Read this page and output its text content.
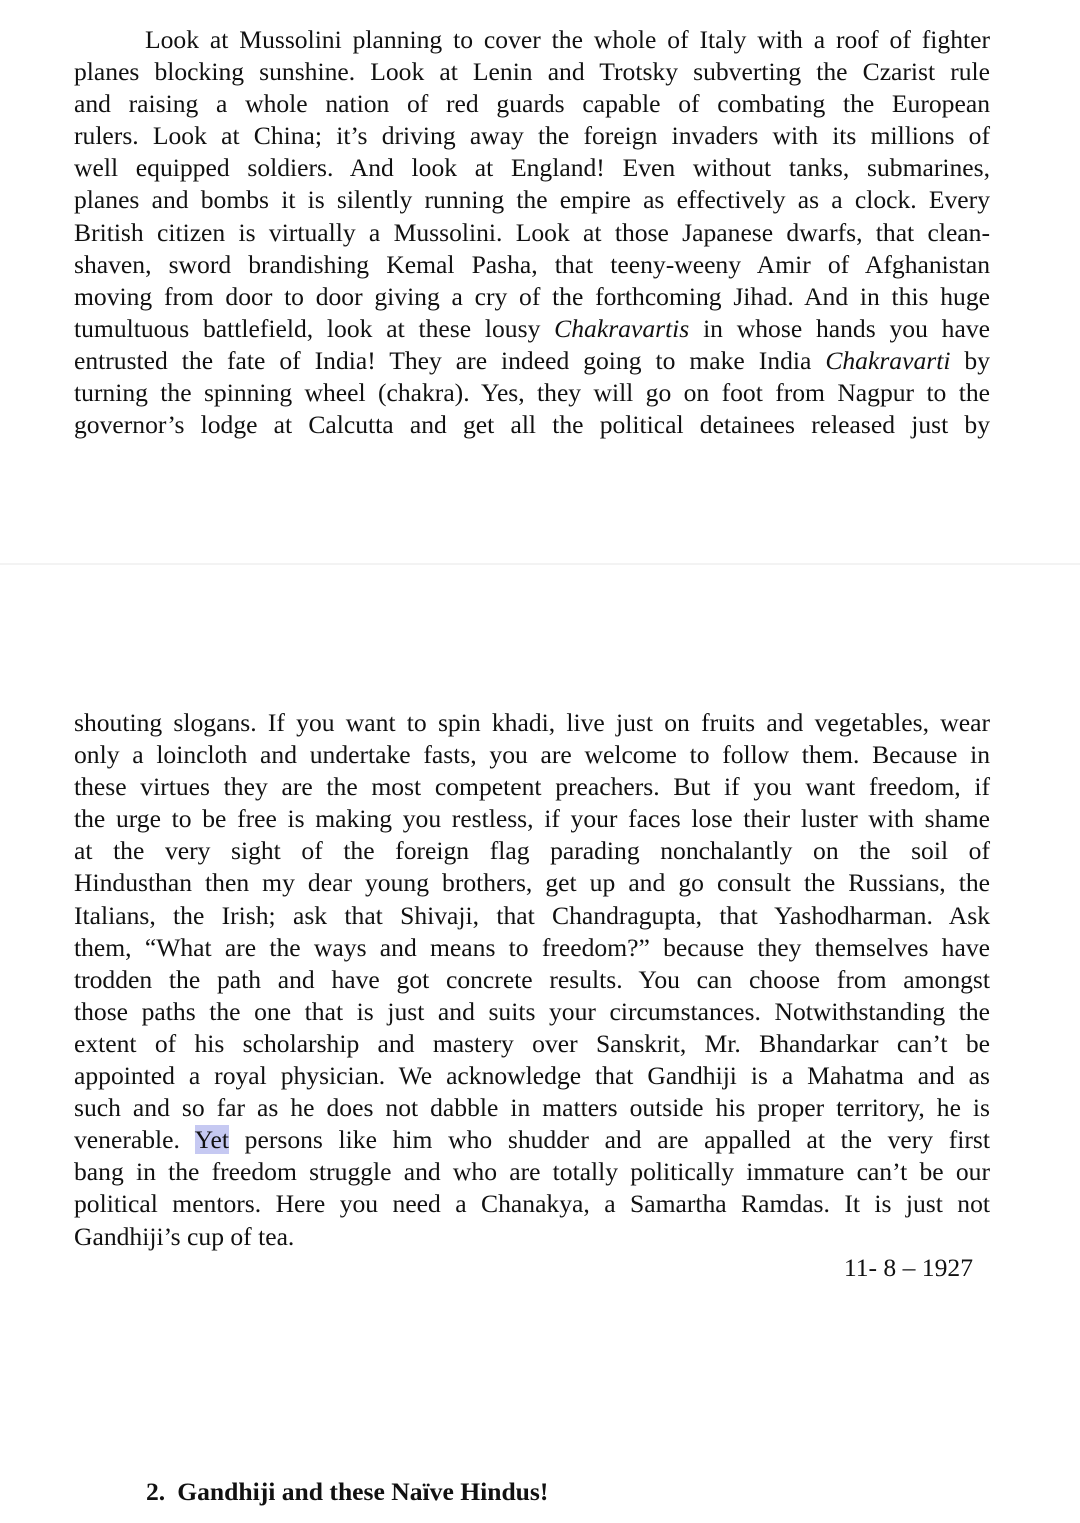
Look at Mussolini planning to cover the whole of Italy with a roof of fighter
planes blocking sunshine. Look at Lenin and Trotsky subverting the Czarist rule
and raising a whole nation of red guards capable of combating the European
rulers. Look at China; it’s driving away the foreign invaders with its millions of
well equipped soldiers. And look at England! Even without tanks, submarines,
planes and bombs it is silently running the empire as effectively as a clock. Every
British citizen is virtually a Mussolini. Look at those Japanese dwarfs, that clean-
shaven, sword brandishing Kemal Pasha, that teeny-weeny Amir of Afghanistan
moving from door to door giving a cry of the forthcoming Jihad. And in this huge
tumultuous battlefield, look at these lousy Chakravartis in whose hands you have
entrusted the fate of India! They are indeed going to make India Chakravarti by
turning the spinning wheel (chakra). Yes, they will go on foot from Nagpur to the
governor’s lodge at Calcutta and get all the political detainees released just by
shouting slogans. If you want to spin khadi, live just on fruits and vegetables, wear
only a loincloth and undertake fasts, you are welcome to follow them. Because in
these virtues they are the most competent preachers. But if you want freedom, if
the urge to be free is making you restless, if your faces lose their luster with shame
at the very sight of the foreign flag parading nonchalantly on the soil of
Hindusthan then my dear young brothers, get up and go consult the Russians, the
Italians, the Irish; ask that Shivaji, that Chandragupta, that Yashodharman. Ask
them, “What are the ways and means to freedom?” because they themselves have
trodden the path and have got concrete results. You can choose from amongst
those paths the one that is just and suits your circumstances. Notwithstanding the
extent of his scholarship and mastery over Sanskrit, Mr. Bhandarkar can’t be
appointed a royal physician. We acknowledge that Gandhiji is a Mahatma and as
such and so far as he does not dabble in matters outside his proper territory, he is
venerable. Yet persons like him who shudder and are appalled at the very first
bang in the freedom struggle and who are totally politically immature can’t be our
political mentors. Here you need a Chanakya, a Samartha Ramdas. It is just not
Gandhiji’s cup of tea.

11- 8 – 1927

2. Gandhiji and these Naïve Hindus!
